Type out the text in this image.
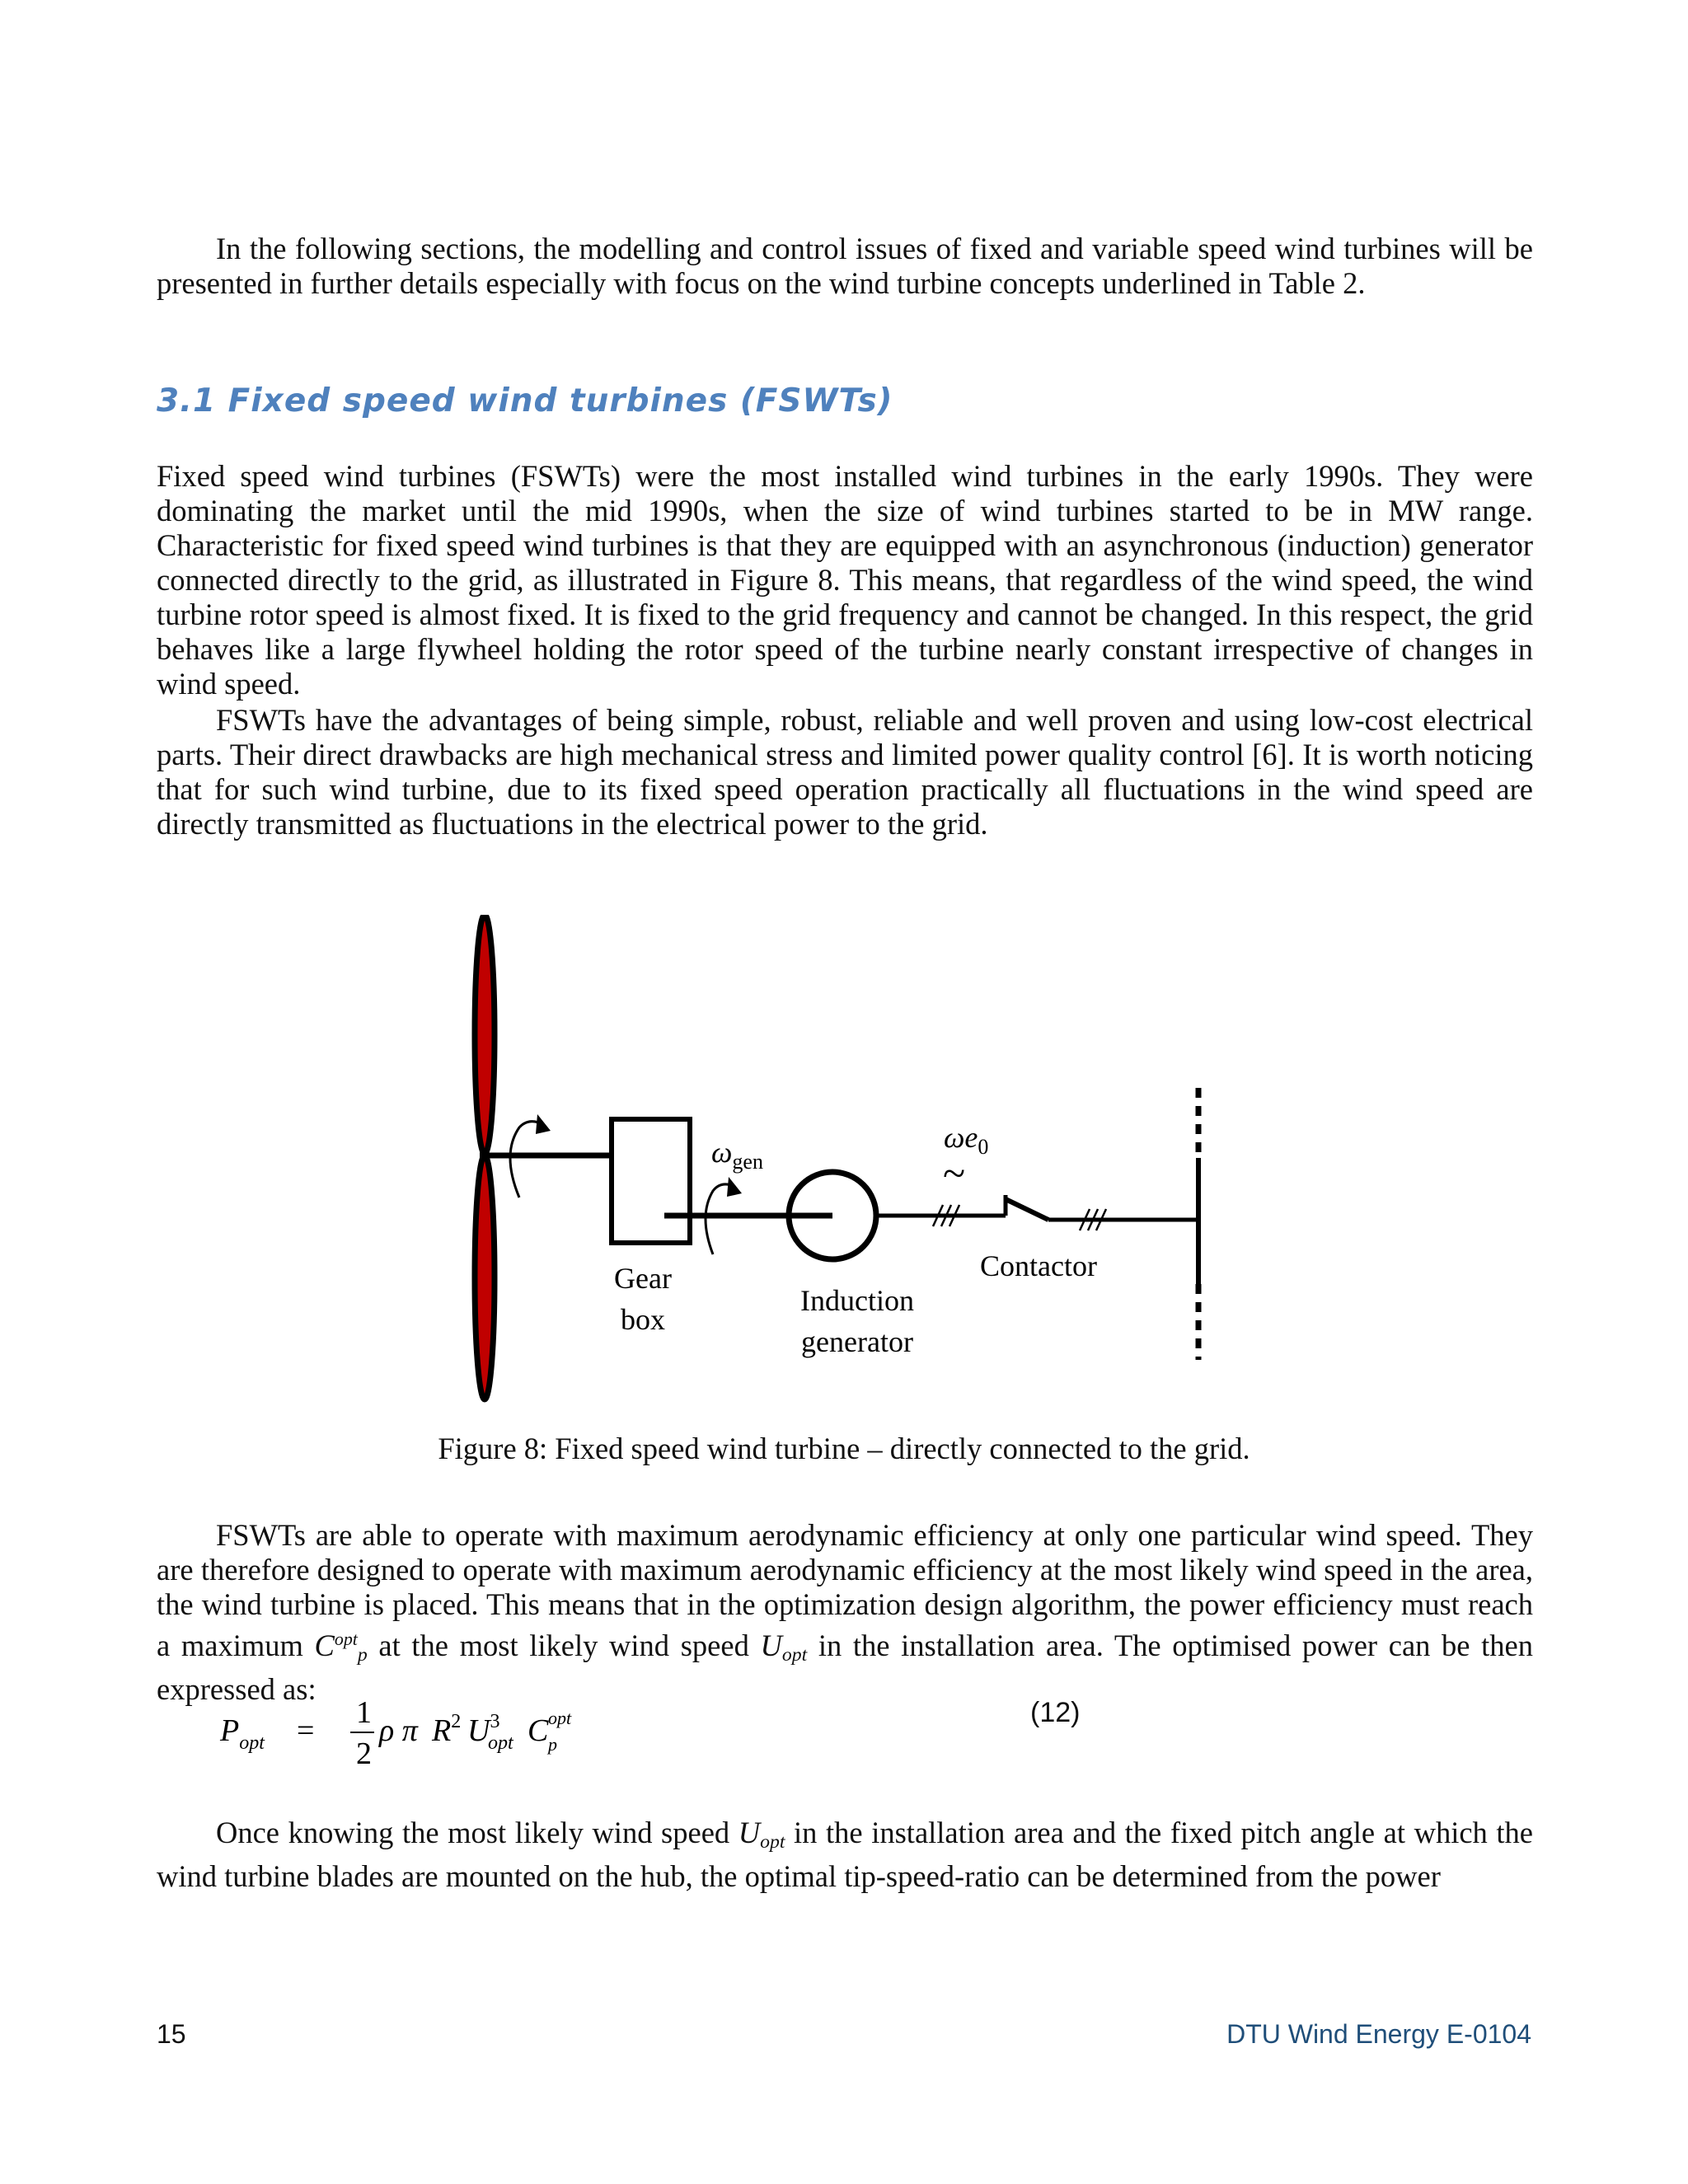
In the following sections, the modelling and control issues of fixed and variable speed wind turbines will be presented in further details especially with focus on the wind turbine concepts underlined in Table 2.

3.1 Fixed speed wind turbines (FSWTs)

Fixed speed wind turbines (FSWTs) were the most installed wind turbines in the early 1990s. They were dominating the market until the mid 1990s, when the size of wind turbines started to be in MW range. Characteristic for fixed speed wind turbines is that they are equipped with an asynchronous (induction) generator connected directly to the grid, as illustrated in Figure 8. This means, that regardless of the wind speed, the wind turbine rotor speed is almost fixed. It is fixed to the grid frequency and cannot be changed. In this respect, the grid behaves like a large flywheel holding the rotor speed of the turbine nearly constant irrespective of changes in wind speed.

FSWTs have the advantages of being simple, robust, reliable and well proven and using low-cost electrical parts. Their direct drawbacks are high mechanical stress and limited power quality control [6]. It is worth noticing that for such wind turbine, due to its fixed speed operation practically all fluctuations in the wind speed are directly transmitted as fluctuations in the electrical power to the grid.

$\omega_{gen}$
$\omega e_0$
~
Gear
box
Induction
generator
Contactor

Figure 8: Fixed speed wind turbine – directly connected to the grid.

FSWTs are able to operate with maximum aerodynamic efficiency at only one particular wind speed. They are therefore designed to operate with maximum aerodynamic efficiency at the most likely wind speed in the area, the wind turbine is placed. This means that in the optimization design algorithm, the power efficiency must reach a maximum $C^{opt}_p$ at the most likely wind speed $U_{opt}$ in the installation area. The optimised power can be then expressed as:

$P_{opt}$ =
1
2
ρ π $R^2$ $U^3$
opt C opt
p

(12)

Once knowing the most likely wind speed $U_{opt}$ in the installation area and the fixed pitch angle at which the wind turbine blades are mounted on the hub, the optimal tip-speed-ratio can be determined from the power

15	DTU Wind Energy E-0104
